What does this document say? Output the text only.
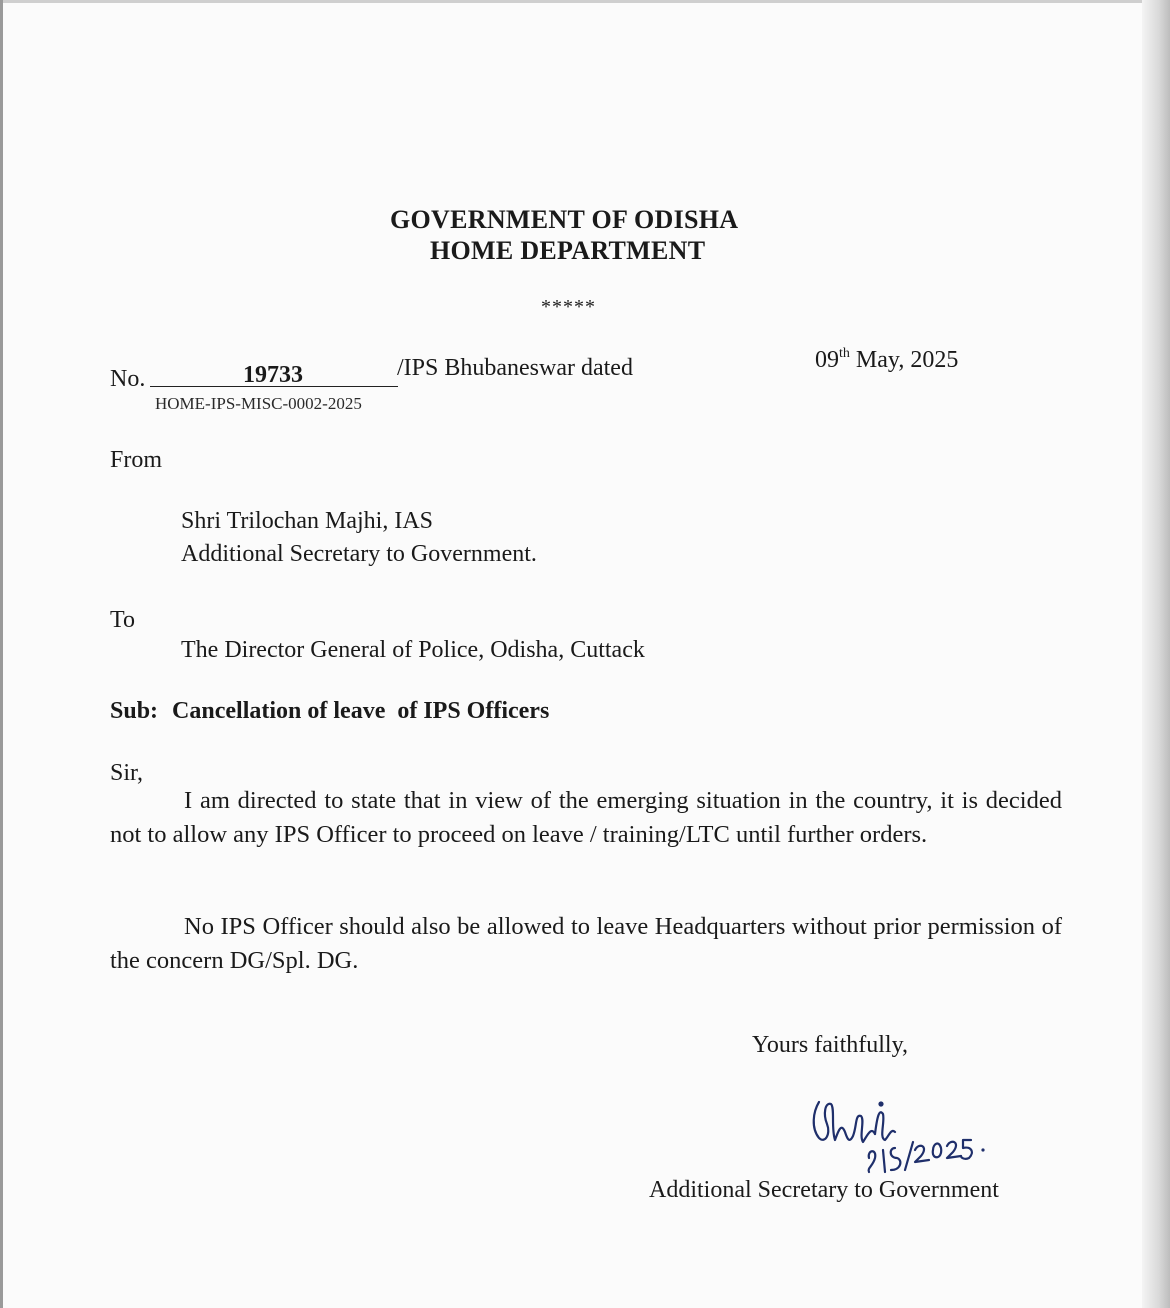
GOVERNMENT OF ODISHA
HOME DEPARTMENT
*****
No.	19733	/IPS Bhubaneswar dated	09th May, 2025
HOME-IPS-MISC-0002-2025
From
Shri Trilochan Majhi, IAS
Additional Secretary to Government.
To
The Director General of Police, Odisha, Cuttack
Sub: Cancellation of leave  of IPS Officers
Sir,
I am directed to state that in view of the emerging situation in the country, it is decided not to allow any IPS Officer to proceed on leave / training/LTC until further orders.
No IPS Officer should also be allowed to leave Headquarters without prior permission of the concern DG/Spl. DG.
Yours faithfully,
Additional Secretary to Government
